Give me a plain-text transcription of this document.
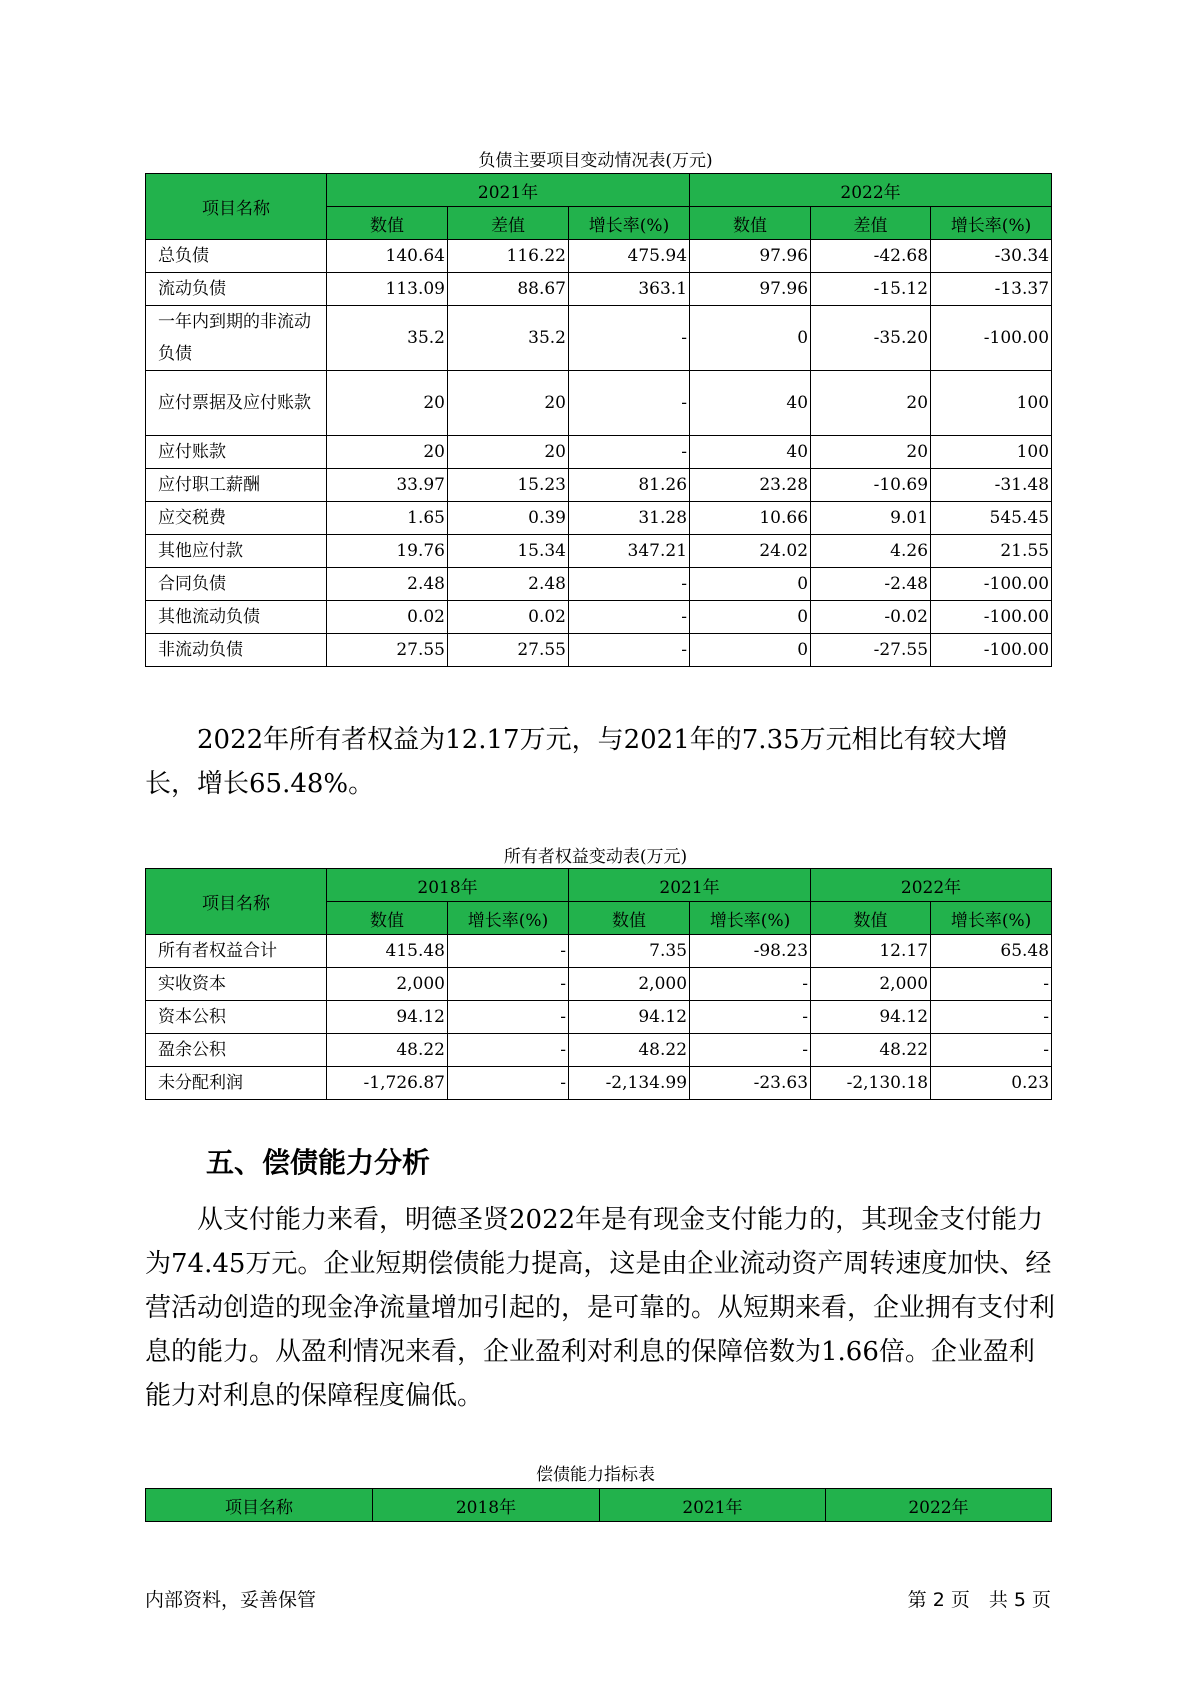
负债主要项目变动情况表(万元)
项目名称	2021年			2022年		
	数值	差值	增长率(%)	数值	差值	增长率(%)
总负债	140.64	116.22	475.94	97.96	-42.68	-30.34
流动负债	113.09	88.67	363.1	97.96	-15.12	-13.37
一年内到期的非流动负债	35.2	35.2	-	0	-35.20	-100.00
应付票据及应付账款	20	20	-	40	20	100
应付账款	20	20	-	40	20	100
应付职工薪酬	33.97	15.23	81.26	23.28	-10.69	-31.48
应交税费	1.65	0.39	31.28	10.66	9.01	545.45
其他应付款	19.76	15.34	347.21	24.02	4.26	21.55
合同负债	2.48	2.48	-	0	-2.48	-100.00
其他流动负债	0.02	0.02	-	0	-0.02	-100.00
非流动负债	27.55	27.55	-	0	-27.55	-100.00

2022年所有者权益为12.17万元，与2021年的7.35万元相比有较大增长，增长65.48%。

所有者权益变动表(万元)
项目名称	2018年		2021年		2022年	
	数值	增长率(%)	数值	增长率(%)	数值	增长率(%)
所有者权益合计	415.48	-	7.35	-98.23	12.17	65.48
实收资本	2,000	-	2,000	-	2,000	-
资本公积	94.12	-	94.12	-	94.12	-
盈余公积	48.22	-	48.22	-	48.22	-
未分配利润	-1,726.87	-	-2,134.99	-23.63	-2,130.18	0.23
五、偿债能力分析

从支付能力来看，明德圣贤2022年是有现金支付能力的，其现金支付能力为74.45万元。企业短期偿债能力提高，这是由企业流动资产周转速度加快、经营活动创造的现金净流量增加引起的，是可靠的。从短期来看，企业拥有支付利息的能力。从盈利情况来看，企业盈利对利息的保障倍数为1.66倍。企业盈利能力对利息的保障程度偏低。

偿债能力指标表
项目名称	2018年	2021年	2022年
内部资料，妥善保管	第 2 页　共 5 页
